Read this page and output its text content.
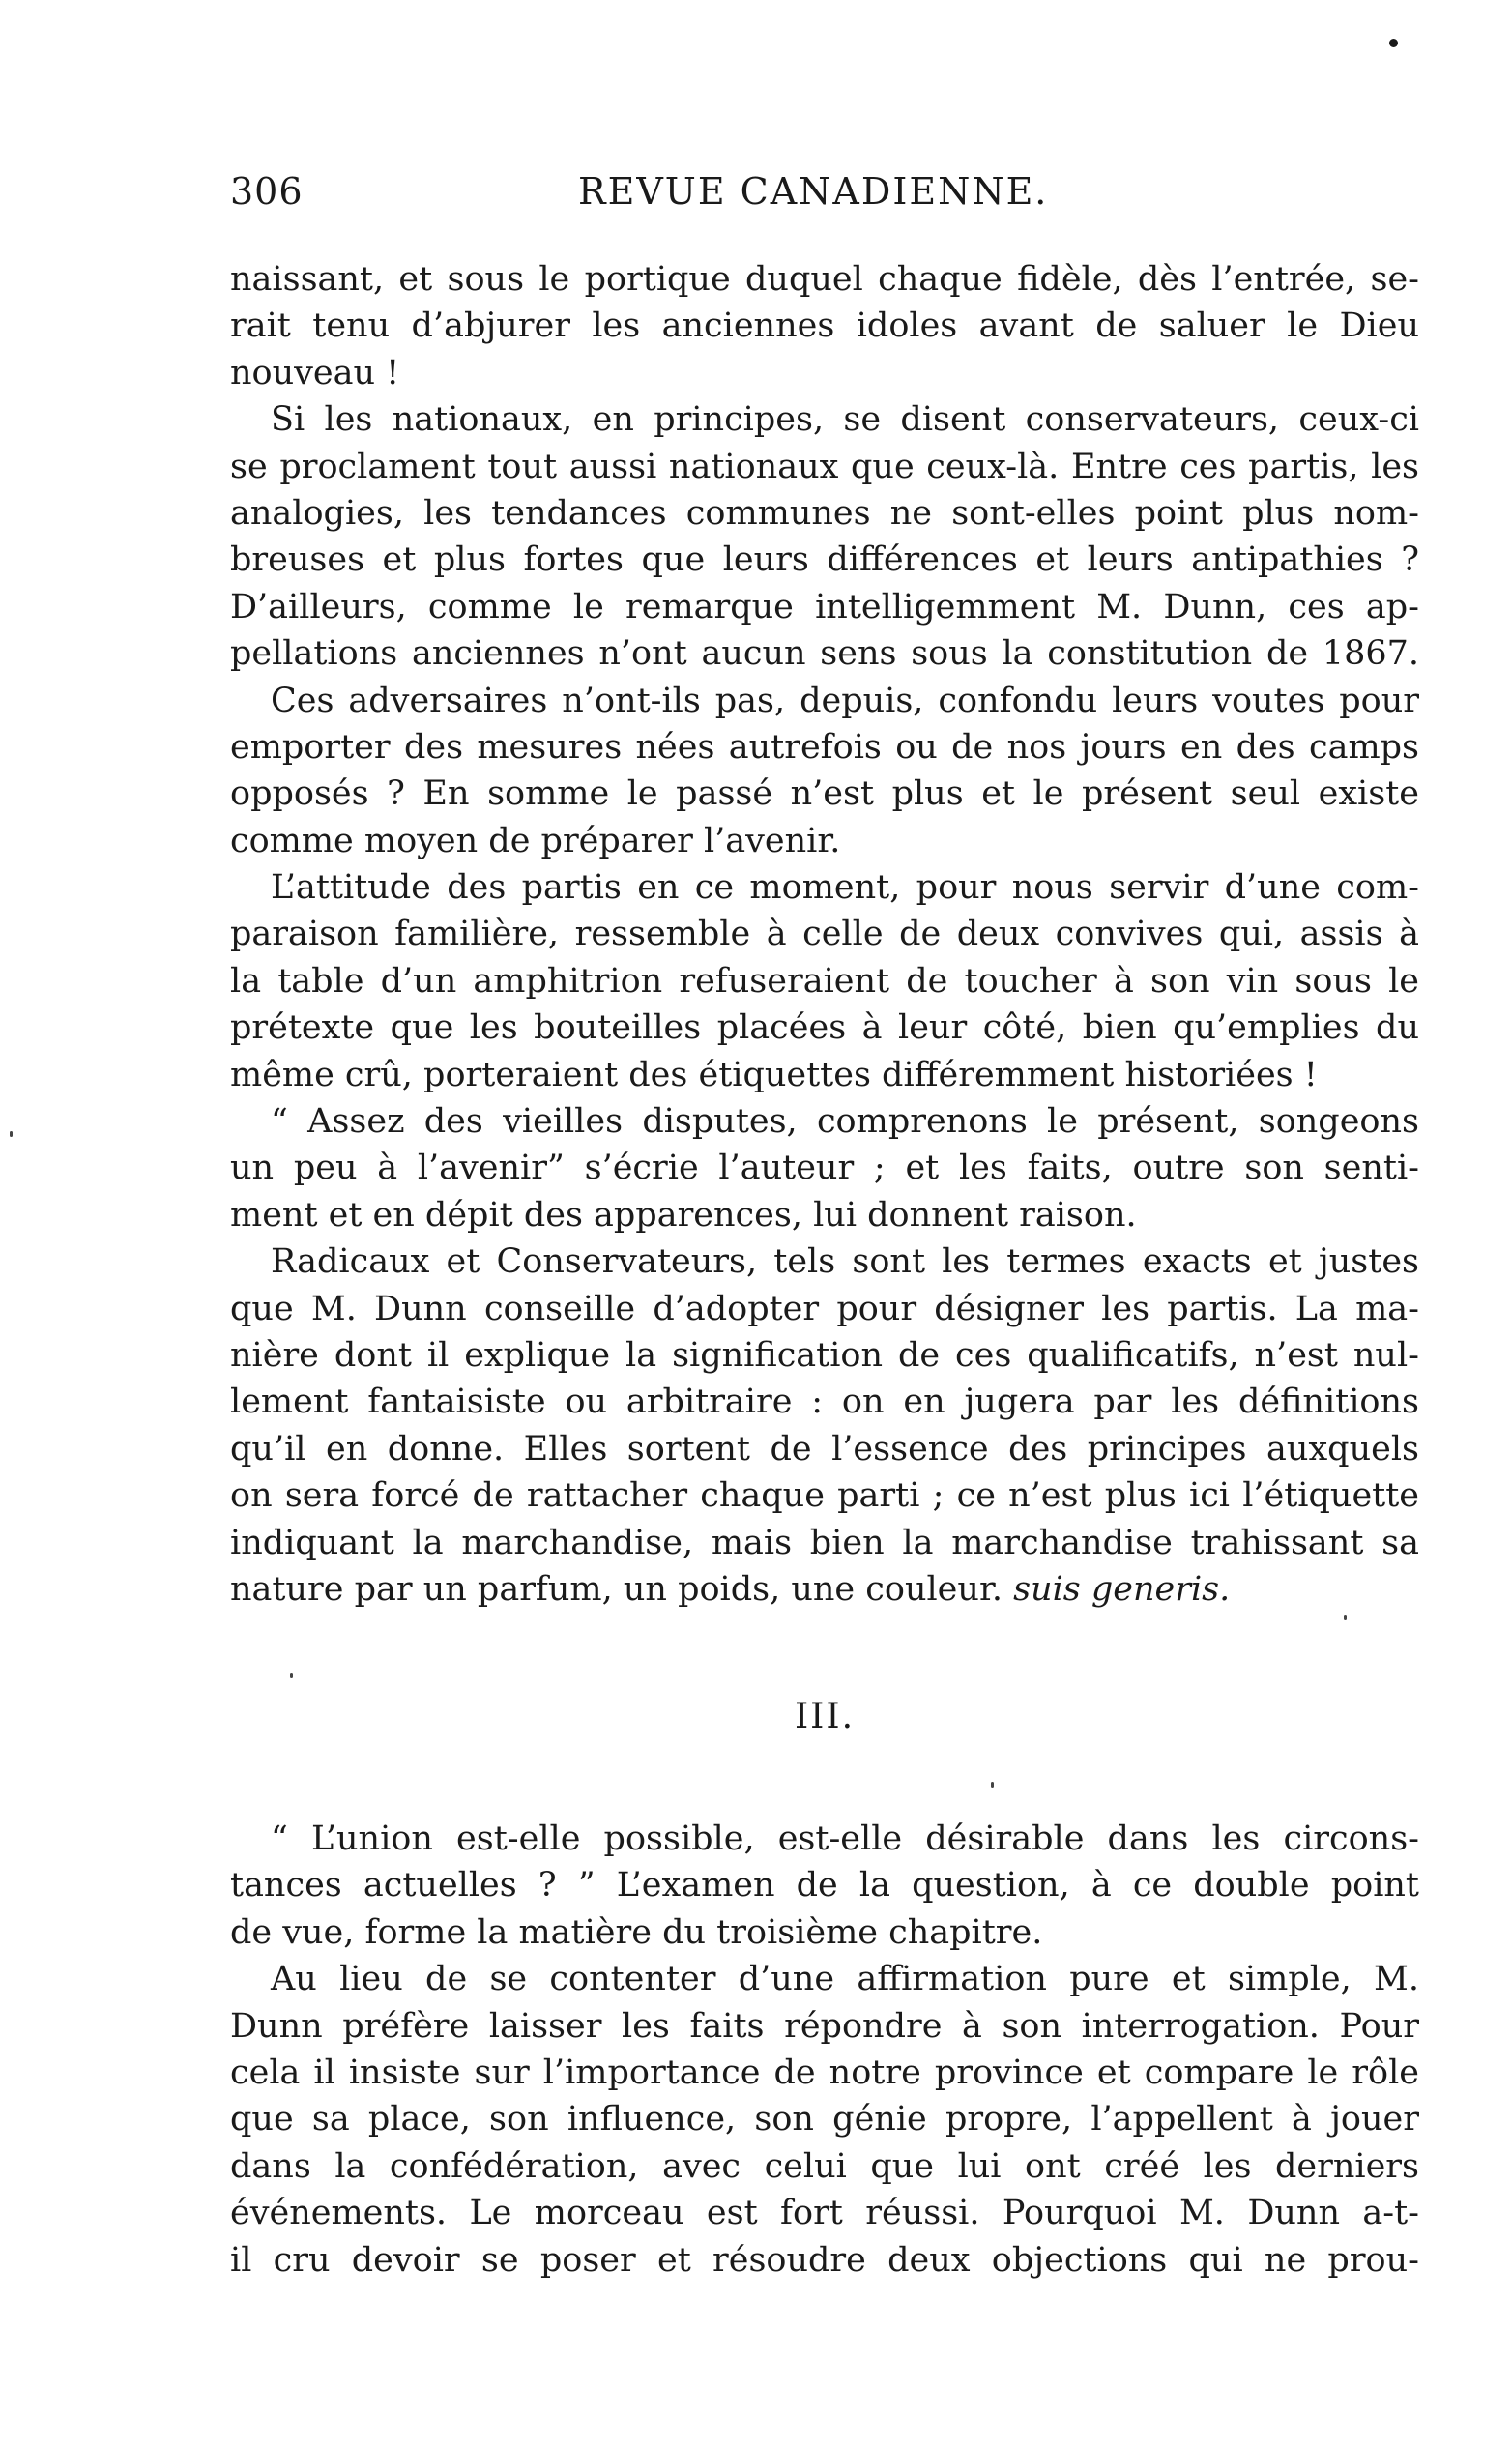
306	REVUE CANADIENNE.
naissant, et sous le portique duquel chaque fidèle, dès l’entrée, se-
rait tenu d’abjurer les anciennes idoles avant de saluer le Dieu
nouveau !
Si les nationaux, en principes, se disent conservateurs, ceux-ci
se proclament tout aussi nationaux que ceux-là. Entre ces partis, les
analogies, les tendances communes ne sont-elles point plus nom-
breuses et plus fortes que leurs différences et leurs antipathies ?
D’ailleurs, comme le remarque intelligemment M. Dunn, ces ap-
pellations anciennes n’ont aucun sens sous la constitution de 1867.
Ces adversaires n’ont-ils pas, depuis, confondu leurs voutes pour
emporter des mesures nées autrefois ou de nos jours en des camps
opposés ? En somme le passé n’est plus et le présent seul existe
comme moyen de préparer l’avenir.
L’attitude des partis en ce moment, pour nous servir d’une com-
paraison familière, ressemble à celle de deux convives qui, assis à
la table d’un amphitrion refuseraient de toucher à son vin sous le
prétexte que les bouteilles placées à leur côté, bien qu’emplies du
même crû, porteraient des étiquettes différemment historiées !
“ Assez des vieilles disputes, comprenons le présent, songeons
un peu à l’avenir” s’écrie l’auteur ; et les faits, outre son senti-
ment et en dépit des apparences, lui donnent raison.
Radicaux et Conservateurs, tels sont les termes exacts et justes
que M. Dunn conseille d’adopter pour désigner les partis. La ma-
nière dont il explique la signification de ces qualificatifs, n’est nul-
lement fantaisiste ou arbitraire : on en jugera par les définitions
qu’il en donne. Elles sortent de l’essence des principes auxquels
on sera forcé de rattacher chaque parti ; ce n’est plus ici l’étiquette
indiquant la marchandise, mais bien la marchandise trahissant sa
nature par un parfum, un poids, une couleur. suis generis.
III.
“ L’union est-elle possible, est-elle désirable dans les circons-
tances actuelles ? ” L’examen de la question, à ce double point
de vue, forme la matière du troisième chapitre.
Au lieu de se contenter d’une affirmation pure et simple, M.
Dunn préfère laisser les faits répondre à son interrogation. Pour
cela il insiste sur l’importance de notre province et compare le rôle
que sa place, son influence, son génie propre, l’appellent à jouer
dans la confédération, avec celui que lui ont créé les derniers
événements. Le morceau est fort réussi. Pourquoi M. Dunn a-t-
il cru devoir se poser et résoudre deux objections qui ne prou-
